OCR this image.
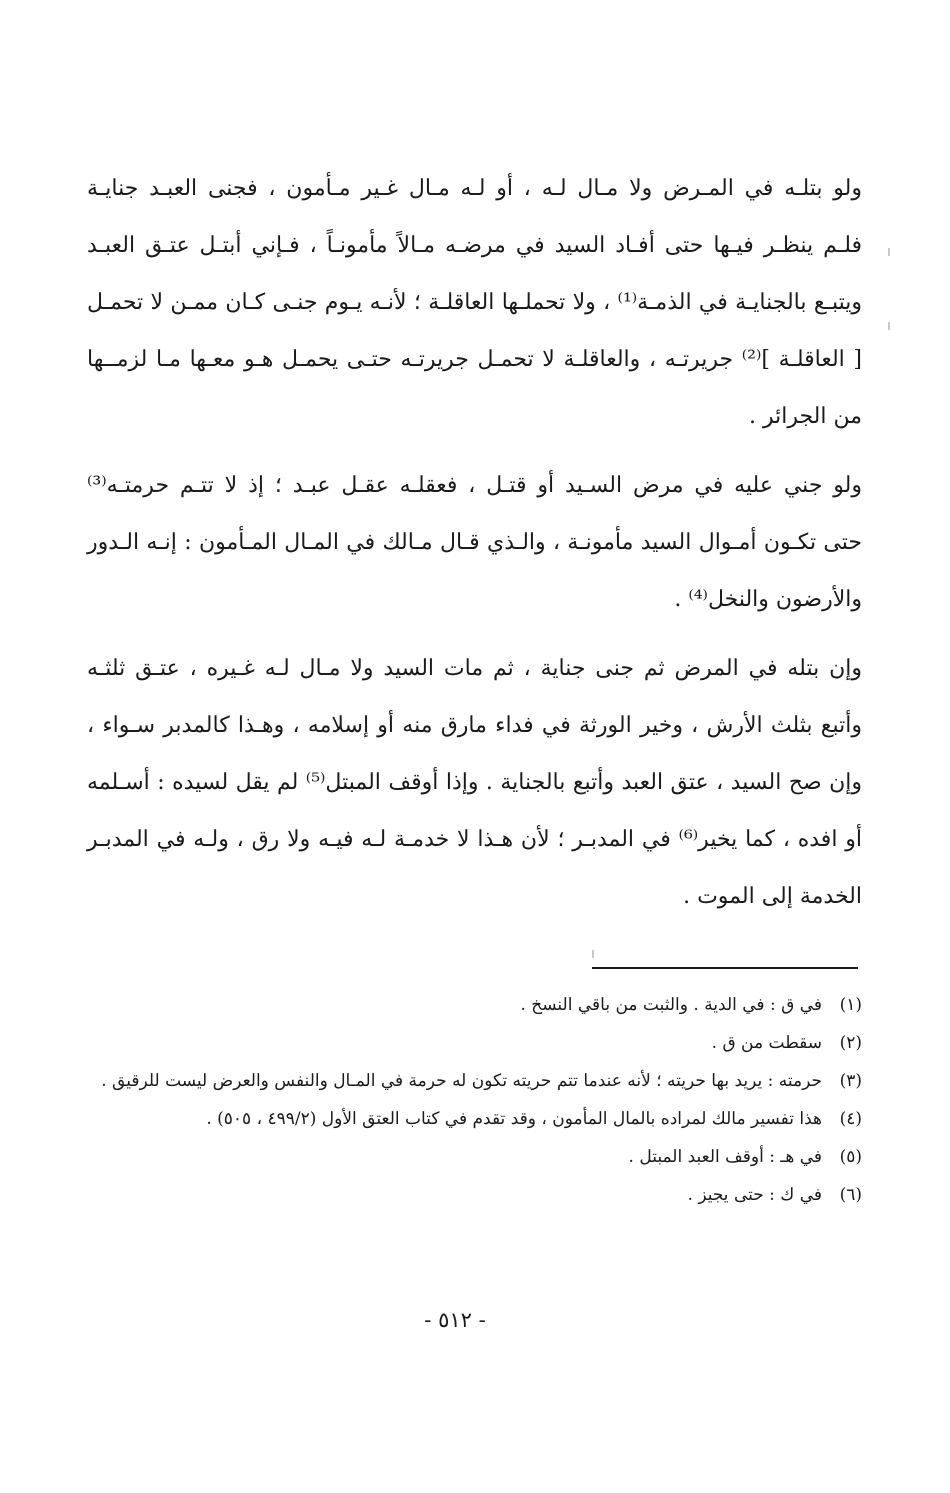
ولو بتلـه في المـرض ولا مـال لـه ، أو لـه مـال غـير مـأمون ، فجنى العبـد جنايـة
فلـم ينظـر فيـها حتى أفـاد السيد في مرضـه مـالاً مأمونـاً ، فـإني أبتـل عتـق العبـد
ويتبـع بالجنايـة في الذمـة⁽¹⁾ ، ولا تحملـها العاقلـة ؛ لأنـه يـوم جنـى كـان ممـن لا تحمـل
[ العاقلـة ]⁽²⁾ جريرتـه ، والعاقلـة لا تحمـل جريرتـه حتـى يحمـل هـو معـها مـا لزمــها
من الجرائر .
ولو جني عليه في مرض السـيد أو قتـل ، فعقلـه عقـل عبـد ؛ إذ لا تتـم حرمتـه⁽³⁾
حتى تكـون أمـوال السيد مأمونـة ، والـذي قـال مـالك في المـال المـأمون : إنـه الـدور
والأرضون والنخل⁽⁴⁾ .
وإن بتله في المرض ثم جنى جناية ، ثم مات السيد ولا مـال لـه غـيره ، عتـق ثلثـه
وأتبع بثلث الأرش ، وخير الورثة في فداء مارق منه أو إسلامه ، وهـذا كالمدبر سـواء ،
وإن صح السيد ، عتق العبد وأتبع بالجناية . وإذا أوقف المبتل⁽⁵⁾ لم يقل لسيده : أسـلمه
أو افده ، كما يخير⁽⁶⁾ في المدبـر ؛ لأن هـذا لا خدمـة لـه فيـه ولا رق ، ولـه في المدبـر
الخدمة إلى الموت .
(١)
في ق : في الدية . والثبت من باقي النسخ .
(٢)
سقطت من ق .
(٣)
حرمته : يريد بها حريته ؛ لأنه عندما تتم حريته تكون له حرمة في المـال والنفس والعرض ليست للرقيق .
(٤)
هذا تفسير مالك لمراده بالمال المأمون ، وقد تقدم في كتاب العتق الأول (٤٩٩/٢ ، ٥٠٥) .
(٥)
في هـ : أوقف العبد المبتل .
(٦)
في ك : حتى يجيز .
- ٥١٢ -
